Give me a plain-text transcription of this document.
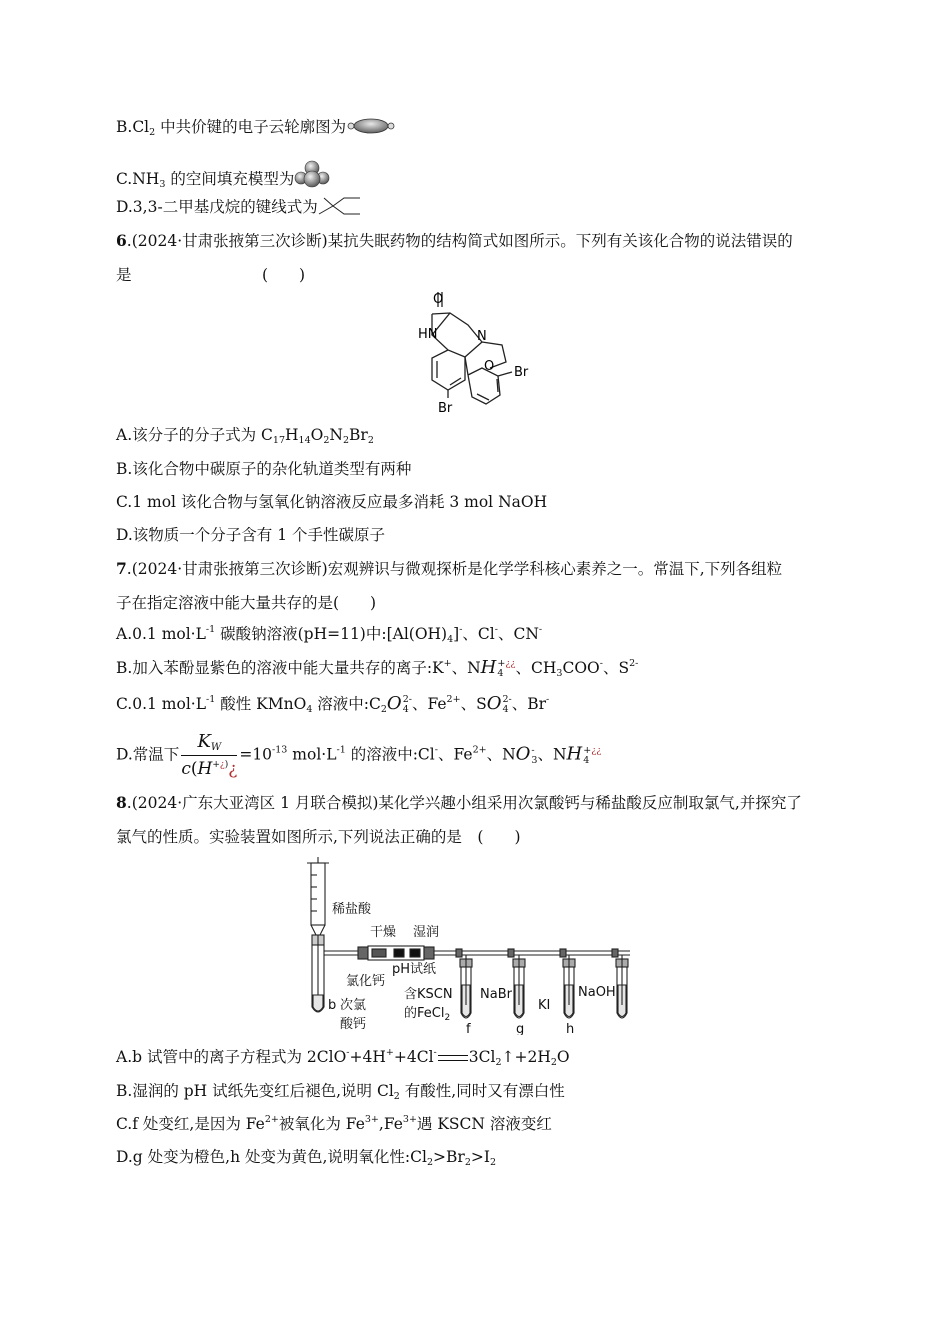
$B.Cl_2$ 中共价键的电子云轮廓图为
$C.NH_3$ 的空间填充模型为
D.3,3-二甲基戊烷的键线式为
6.(2024·甘肃张掖第三次诊断)某抗失眠药物的结构简式如图所示。下列有关该化合物的说法错误的
是	(　　)
O
HN	N
O
Br
Br
A.该分子的分子式为 $C_{17}H_{14}O_2N_2Br_2$
B.该化合物中碳原子的杂化轨道类型有两种
C.1 mol 该化合物与氢氧化钠溶液反应最多消耗 3 mol NaOH
D.该物质一个分子含有 1 个手性碳原子
7.(2024·甘肃张掖第三次诊断)宏观辨识与微观探析是化学学科核心素养之一。常温下,下列各组粒
子在指定溶液中能大量共存的是(　　)
A.0.1 $mol\cdot L^{-1}$ 碳酸钠溶液(pH=11)中$:[Al(OH)_4]^-$、Cl-、CN-
B.加入苯酚显紫色的溶液中能大量共存的离子:K+、NH +¿¿
4 、$CH_3COO^-$、$S^{2-}$
C.0.1 $mol\cdot L^{-1}$ 酸性 KMnO$_4$ 溶液中$:C_2O$ 2-
4 、$Fe^{2+}$、SO 2-
4 、Br-
D.常温下 $\frac{K_W}{c(H^{+¿)}¿} =10^{-13}$ $mol\cdot L^{-1}$ 的溶液中:Cl-、$Fe^{2+}$、NO -
3 、NH +¿¿
4
8.(2024·广东大亚湾区 1 月联合模拟)某化学兴趣小组采用次氯酸钙与稀盐酸反应制取氯气,并探究了
氯气的性质。实验装置如图所示,下列说法正确的是　(　　)
稀盐酸
干燥 湿润
氯化钙
pH试纸
b 次氯
酸钙
含KSCN
的FeCl$_2$
NaBr
KI
NaOH
f	g	h
A.b 试管中的离子方程式为 2ClO-+4H++4Cl- $3Cl_2↑+2H_2O$
B.湿润的 pH 试纸先变红后褪色,说明 $Cl_2$ 有酸性,同时又有漂白性
C.f 处变红,是因为 $Fe^{2+}$被氧化为 $Fe^{3+},Fe^{3+}$遇 KSCN 溶液变红
D.g 处变为橙色,h 处变为黄色,说明氧化性$:Cl_2>Br_2>I_2$
